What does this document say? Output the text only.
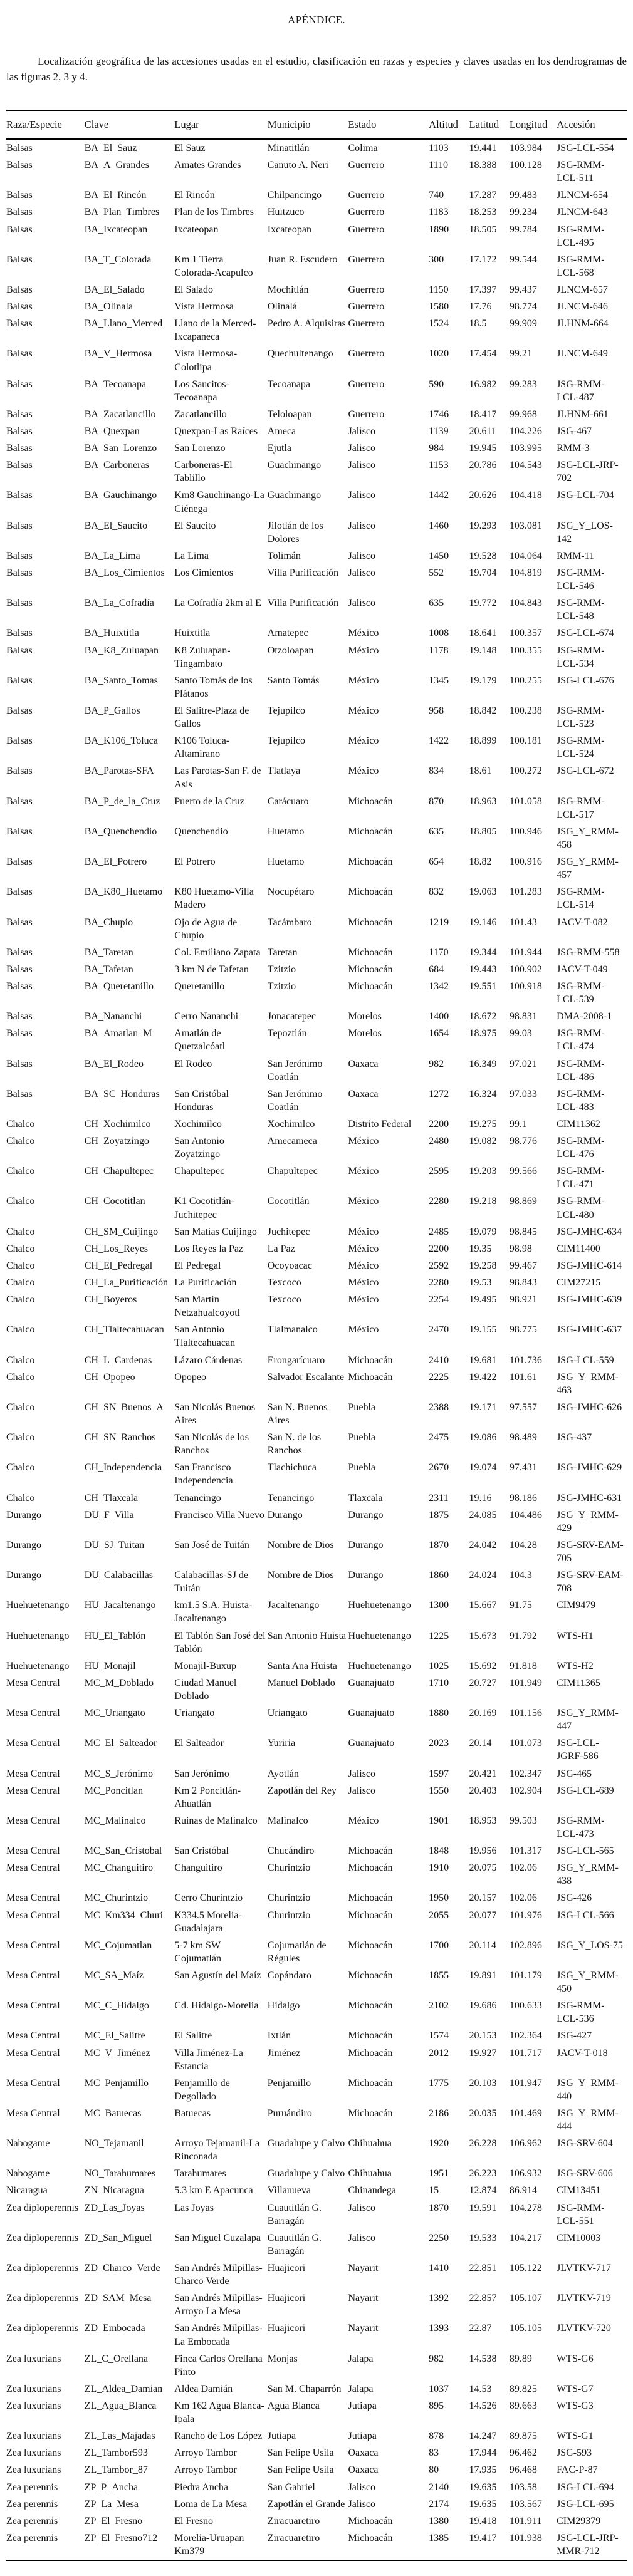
APÉNDICE.

Localización geográfica de las accesiones usadas en el estudio, clasificación en razas y especies y claves usadas en los dendrogramas de las figuras 2, 3 y 4.

Raza/Especie	Clave	Lugar	Municipio	Estado	Altitud	Latitud	Longitud	Accesión
Balsas	BA_El_Sauz	El Sauz	Minatitlán	Colima	1103	19.441	103.984	JSG-LCL-554
Balsas	BA_A_Grandes	Amates Grandes	Canuto A. Neri	Guerrero	1110	18.388	100.128	JSG-RMM-LCL-511
Balsas	BA_El_Rincón	El Rincón	Chilpancingo	Guerrero	740	17.287	99.483	JLNCM-654
Balsas	BA_Plan_Timbres	Plan de los Timbres	Huitzuco	Guerrero	1183	18.253	99.234	JLNCM-643
Balsas	BA_Ixcateopan	Ixcateopan	Ixcateopan	Guerrero	1890	18.505	99.784	JSG-RMM-LCL-495
Balsas	BA_T_Colorada	Km 1 Tierra Colorada-Acapulco	Juan R. Escudero	Guerrero	300	17.172	99.544	JSG-RMM-LCL-568
Balsas	BA_El_Salado	El Salado	Mochitlán	Guerrero	1150	17.397	99.437	JLNCM-657
Balsas	BA_Olinala	Vista Hermosa	Olinalá	Guerrero	1580	17.76	98.774	JLNCM-646
Balsas	BA_Llano_Merced	Llano de la Merced-Ixcapaneca	Pedro A. Alquisiras	Guerrero	1524	18.5	99.909	JLHNM-664
Balsas	BA_V_Hermosa	Vista Hermosa-Colotlipa	Quechultenango	Guerrero	1020	17.454	99.21	JLNCM-649
Balsas	BA_Tecoanapa	Los Saucitos-Tecoanapa	Tecoanapa	Guerrero	590	16.982	99.283	JSG-RMM-LCL-487
Balsas	BA_Zacatlancillo	Zacatlancillo	Teloloapan	Guerrero	1746	18.417	99.968	JLHNM-661
Balsas	BA_Quexpan	Quexpan-Las Raíces	Ameca	Jalisco	1139	20.611	104.226	JSG-467
Balsas	BA_San_Lorenzo	San Lorenzo	Ejutla	Jalisco	984	19.945	103.995	RMM-3
Balsas	BA_Carboneras	Carboneras-El Tablillo	Guachinango	Jalisco	1153	20.786	104.543	JSG-LCL-JRP-702
Balsas	BA_Gauchinango	Km8 Gauchinango-La Ciénega	Guachinango	Jalisco	1442	20.626	104.418	JSG-LCL-704
Balsas	BA_El_Saucito	El Saucito	Jilotlán de los Dolores	Jalisco	1460	19.293	103.081	JSG_Y_LOS-142
Balsas	BA_La_Lima	La Lima	Tolimán	Jalisco	1450	19.528	104.064	RMM-11
Balsas	BA_Los_Cimientos	Los Cimientos	Villa Purificación	Jalisco	552	19.704	104.819	JSG-RMM-LCL-546
Balsas	BA_La_Cofradía	La Cofradía 2km al E	Villa Purificación	Jalisco	635	19.772	104.843	JSG-RMM-LCL-548
Balsas	BA_Huixtitla	Huixtitla	Amatepec	México	1008	18.641	100.357	JSG-LCL-674
Balsas	BA_K8_Zuluapan	K8 Zuluapan-Tingambato	Otzoloapan	México	1178	19.148	100.355	JSG-RMM-LCL-534
Balsas	BA_Santo_Tomas	Santo Tomás de los Plátanos	Santo Tomás	México	1345	19.179	100.255	JSG-LCL-676
Balsas	BA_P_Gallos	El Salitre-Plaza de Gallos	Tejupilco	México	958	18.842	100.238	JSG-RMM-LCL-523
Balsas	BA_K106_Toluca	K106 Toluca-Altamirano	Tejupilco	México	1422	18.899	100.181	JSG-RMM-LCL-524
Balsas	BA_Parotas-SFA	Las Parotas-San F. de Asís	Tlatlaya	México	834	18.61	100.272	JSG-LCL-672
Balsas	BA_P_de_la_Cruz	Puerto de la Cruz	Carácuaro	Michoacán	870	18.963	101.058	JSG-RMM-LCL-517
Balsas	BA_Quenchendio	Quenchendio	Huetamo	Michoacán	635	18.805	100.946	JSG_Y_RMM-458
Balsas	BA_El_Potrero	El Potrero	Huetamo	Michoacán	654	18.82	100.916	JSG_Y_RMM-457
Balsas	BA_K80_Huetamo	K80 Huetamo-Villa Madero	Nocupétaro	Michoacán	832	19.063	101.283	JSG-RMM-LCL-514
Balsas	BA_Chupio	Ojo de Agua de Chupio	Tacámbaro	Michoacán	1219	19.146	101.43	JACV-T-082
Balsas	BA_Taretan	Col. Emiliano Zapata	Taretan	Michoacán	1170	19.344	101.944	JSG-RMM-558
Balsas	BA_Tafetan	3 km N de Tafetan	Tzitzio	Michoacán	684	19.443	100.902	JACV-T-049
Balsas	BA_Queretanillo	Queretanillo	Tzitzio	Michoacán	1342	19.551	100.918	JSG-RMM-LCL-539
Balsas	BA_Nananchi	Cerro Nananchi	Jonacatepec	Morelos	1400	18.672	98.831	DMA-2008-1
Balsas	BA_Amatlan_M	Amatlán de Quetzalcóatl	Tepoztlán	Morelos	1654	18.975	99.03	JSG-RMM-LCL-474
Balsas	BA_El_Rodeo	El Rodeo	San Jerónimo Coatlán	Oaxaca	982	16.349	97.021	JSG-RMM-LCL-486
Balsas	BA_SC_Honduras	San Cristóbal Honduras	San Jerónimo Coatlán	Oaxaca	1272	16.324	97.033	JSG-RMM-LCL-483
Chalco	CH_Xochimilco	Xochimilco	Xochimilco	Distrito Federal	2200	19.275	99.1	CIM11362
Chalco	CH_Zoyatzingo	San Antonio Zoyatzingo	Amecameca	México	2480	19.082	98.776	JSG-RMM-LCL-476
Chalco	CH_Chapultepec	Chapultepec	Chapultepec	México	2595	19.203	99.566	JSG-RMM-LCL-471
Chalco	CH_Cocotitlan	K1 Cocotitlán-Juchitepec	Cocotitlán	México	2280	19.218	98.869	JSG-RMM-LCL-480
Chalco	CH_SM_Cuijingo	San Matías Cuijingo	Juchitepec	México	2485	19.079	98.845	JSG-JMHC-634
Chalco	CH_Los_Reyes	Los Reyes la Paz	La Paz	México	2200	19.35	98.98	CIM11400
Chalco	CH_El_Pedregal	El Pedregal	Ocoyoacac	México	2592	19.258	99.467	JSG-JMHC-614
Chalco	CH_La_Purificación	La Purificación	Texcoco	México	2280	19.53	98.843	CIM27215
Chalco	CH_Boyeros	San Martín Netzahualcoyotl	Texcoco	México	2254	19.495	98.921	JSG-JMHC-639
Chalco	CH_Tlaltecahuacan	San Antonio Tlaltecahuacan	Tlalmanalco	México	2470	19.155	98.775	JSG-JMHC-637
Chalco	CH_L_Cardenas	Lázaro Cárdenas	Erongarícuaro	Michoacán	2410	19.681	101.736	JSG-LCL-559
Chalco	CH_Opopeo	Opopeo	Salvador Escalante	Michoacán	2225	19.422	101.61	JSG_Y_RMM-463
Chalco	CH_SN_Buenos_A	San Nicolás Buenos Aires	San N. Buenos Aires	Puebla	2388	19.171	97.557	JSG-JMHC-626
Chalco	CH_SN_Ranchos	San Nicolás de los Ranchos	San N. de los Ranchos	Puebla	2475	19.086	98.489	JSG-437
Chalco	CH_Independencia	San Francisco Independencia	Tlachichuca	Puebla	2670	19.074	97.431	JSG-JMHC-629
Chalco	CH_Tlaxcala	Tenancingo	Tenancingo	Tlaxcala	2311	19.16	98.186	JSG-JMHC-631
Durango	DU_F_Villa	Francisco Villa Nuevo	Durango	Durango	1875	24.085	104.486	JSG_Y_RMM-429
Durango	DU_SJ_Tuitan	San José de Tuitán	Nombre de Dios	Durango	1870	24.042	104.28	JSG-SRV-EAM-705
Durango	DU_Calabacillas	Calabacillas-SJ de Tuitán	Nombre de Dios	Durango	1860	24.024	104.3	JSG-SRV-EAM-708
Huehuetenango	HU_Jacaltenango	km1.5 S.A. Huista-Jacaltenango	Jacaltenango	Huehuetenango	1300	15.667	91.75	CIM9479
Huehuetenango	HU_El_Tablón	El Tablón San José del Tablón	San Antonio Huista	Huehuetenango	1225	15.673	91.792	WTS-H1
Huehuetenango	HU_Monajil	Monajil-Buxup	Santa Ana Huista	Huehuetenango	1025	15.692	91.818	WTS-H2
Mesa Central	MC_M_Doblado	Ciudad Manuel Doblado	Manuel Doblado	Guanajuato	1710	20.727	101.949	CIM11365
Mesa Central	MC_Uriangato	Uriangato	Uriangato	Guanajuato	1880	20.169	101.156	JSG_Y_RMM-447
Mesa Central	MC_El_Salteador	El Salteador	Yuriria	Guanajuato	2023	20.14	101.073	JSG-LCL-JGRF-586
Mesa Central	MC_S_Jerónimo	San Jerónimo	Ayotlán	Jalisco	1597	20.421	102.347	JSG-465
Mesa Central	MC_Poncitlan	Km 2 Poncitlán-Ahuatlán	Zapotlán del Rey	Jalisco	1550	20.403	102.904	JSG-LCL-689
Mesa Central	MC_Malinalco	Ruinas de Malinalco	Malinalco	México	1901	18.953	99.503	JSG-RMM-LCL-473
Mesa Central	MC_San_Cristobal	San Cristóbal	Chucándiro	Michoacán	1848	19.956	101.317	JSG-LCL-565
Mesa Central	MC_Changuitiro	Changuitiro	Churintzio	Michoacán	1910	20.075	102.06	JSG_Y_RMM-438
Mesa Central	MC_Churintzio	Cerro Churintzio	Churintzio	Michoacán	1950	20.157	102.06	JSG-426
Mesa Central	MC_Km334_Churi	K334.5 Morelia-Guadalajara	Churintzio	Michoacán	2055	20.077	101.976	JSG-LCL-566
Mesa Central	MC_Cojumatlan	5-7 km SW Cojumatlán	Cojumatlán de Régules	Michoacán	1700	20.114	102.896	JSG_Y_LOS-75
Mesa Central	MC_SA_Maíz	San Agustín del Maíz	Copándaro	Michoacán	1855	19.891	101.179	JSG_Y_RMM-450
Mesa Central	MC_C_Hidalgo	Cd. Hidalgo-Morelia	Hidalgo	Michoacán	2102	19.686	100.633	JSG-RMM-LCL-536
Mesa Central	MC_El_Salitre	El Salitre	Ixtlán	Michoacán	1574	20.153	102.364	JSG-427
Mesa Central	MC_V_Jiménez	Villa Jiménez-La Estancia	Jiménez	Michoacán	2012	19.927	101.717	JACV-T-018
Mesa Central	MC_Penjamillo	Penjamillo de Degollado	Penjamillo	Michoacán	1775	20.103	101.947	JSG_Y_RMM-440
Mesa Central	MC_Batuecas	Batuecas	Puruándiro	Michoacán	2186	20.035	101.469	JSG_Y_RMM-444
Nabogame	NO_Tejamanil	Arroyo Tejamanil-La Rinconada	Guadalupe y Calvo	Chihuahua	1920	26.228	106.962	JSG-SRV-604
Nabogame	NO_Tarahumares	Tarahumares	Guadalupe y Calvo	Chihuahua	1951	26.223	106.932	JSG-SRV-606
Nicaragua	ZN_Nicaragua	5.3 km E Apacunca	Villanueva	Chinandega	15	12.874	86.914	CIM13451
Zea diploperennis	ZD_Las_Joyas	Las Joyas	Cuautitlán G. Barragán	Jalisco	1870	19.591	104.278	JSG-RMM-LCL-551
Zea diploperennis	ZD_San_Miguel	San Miguel Cuzalapa	Cuautitlán G. Barragán	Jalisco	2250	19.533	104.217	CIM10003
Zea diploperennis	ZD_Charco_Verde	San Andrés Milpillas-Charco Verde	Huajicori	Nayarit	1410	22.851	105.122	JLVTKV-717
Zea diploperennis	ZD_SAM_Mesa	San Andrés Milpillas-Arroyo La Mesa	Huajicori	Nayarit	1392	22.857	105.107	JLVTKV-719
Zea diploperennis	ZD_Embocada	San Andrés Milpillas-La Embocada	Huajicori	Nayarit	1393	22.87	105.105	JLVTKV-720
Zea luxurians	ZL_C_Orellana	Finca Carlos Orellana Pinto	Monjas	Jalapa	982	14.538	89.89	WTS-G6
Zea luxurians	ZL_Aldea_Damian	Aldea Damián	San M. Chaparrón	Jalapa	1037	14.53	89.825	WTS-G7
Zea luxurians	ZL_Agua_Blanca	Km 162 Agua Blanca-Ipala	Agua Blanca	Jutiapa	895	14.526	89.663	WTS-G3
Zea luxurians	ZL_Las_Majadas	Rancho de Los López	Jutiapa	Jutiapa	878	14.247	89.875	WTS-G1
Zea luxurians	ZL_Tambor593	Arroyo Tambor	San Felipe Usila	Oaxaca	83	17.944	96.462	JSG-593
Zea luxurians	ZL_Tambor_87	Arroyo Tambor	San Felipe Usila	Oaxaca	80	17.935	96.468	FAC-P-87
Zea perennis	ZP_P_Ancha	Piedra Ancha	San Gabriel	Jalisco	2140	19.635	103.58	JSG-LCL-694
Zea perennis	ZP_La_Mesa	Loma de La Mesa	Zapotlán el Grande	Jalisco	2174	19.635	103.567	JSG-LCL-695
Zea perennis	ZP_El_Fresno	El Fresno	Ziracuaretiro	Michoacán	1380	19.418	101.911	CIM29379
Zea perennis	ZP_El_Fresno712	Morelia-Uruapan Km379	Ziracuaretiro	Michoacán	1385	19.417	101.938	JSG-LCL-JRP-MMR-712
